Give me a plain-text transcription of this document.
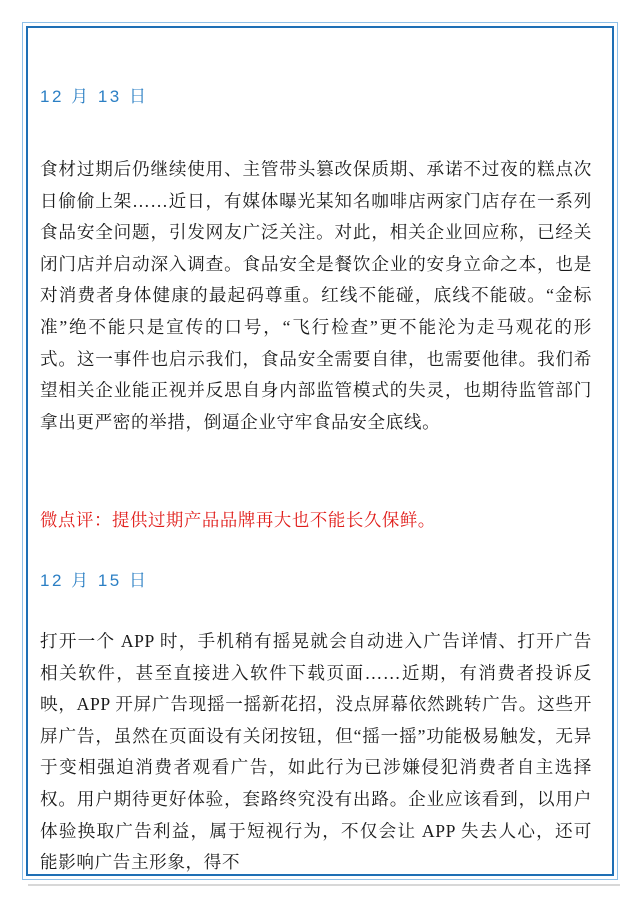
12 月 13 日
食材过期后仍继续使用、主管带头篡改保质期、承诺不过夜的糕点次日偷偷上架……近日，有媒体曝光某知名咖啡店两家门店存在一系列食品安全问题，引发网友广泛关注。对此，相关企业回应称，已经关闭门店并启动深入调查。食品安全是餐饮企业的安身立命之本，也是对消费者身体健康的最起码尊重。红线不能碰，底线不能破。“金标准”绝不能只是宣传的口号，“飞行检查”更不能沦为走马观花的形式。这一事件也启示我们，食品安全需要自律，也需要他律。我们希望相关企业能正视并反思自身内部监管模式的失灵，也期待监管部门拿出更严密的举措，倒逼企业守牢食品安全底线。
微点评：提供过期产品品牌再大也不能长久保鲜。
12 月 15 日
打开一个 APP 时，手机稍有摇晃就会自动进入广告详情、打开广告相关软件，甚至直接进入软件下载页面……近期，有消费者投诉反映，APP 开屏广告现摇一摇新花招，没点屏幕依然跳转广告。这些开屏广告，虽然在页面设有关闭按钮，但“摇一摇”功能极易触发，无异于变相强迫消费者观看广告，如此行为已涉嫌侵犯消费者自主选择权。用户期待更好体验，套路终究没有出路。企业应该看到，以用户体验换取广告利益，属于短视行为，不仅会让 APP 失去人心，还可能影响广告主形象，得不
